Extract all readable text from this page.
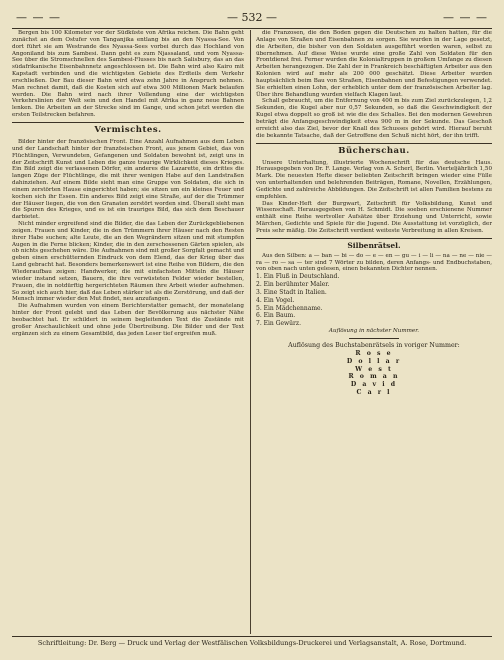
— — —	— 532 —	— — —

Bergen bis 100 Kilometer vor der Südküste von Afrika reichen. Die Bahn geht zunächst an dem Ostufer von Tanganjika entlang bis an den Nyassa-See. Von dort führt sie am Westrande des Nyassa-Sees vorbei durch das Hochland von Angoniland bis zum Sambesi. Dann geht es zum Njassaland, und vom Nyassa-See über die Stromschnellen des Sambesi-Flusses bis nach Salisbury, das an das südafrikanische Eisenbahnnetz angeschlossen ist. Die Bahn wird also Kairo mit Kapstadt verbinden und die wichtigsten Gebiete des Erdteils dem Verkehr erschließen. Der Bau dieser Bahn wird etwa zehn Jahre in Anspruch nehmen. Man rechnet damit, daß die Kosten sich auf etwa 300 Millionen Mark belaufen werden. Die Bahn wird nach ihrer Vollendung eine der wichtigsten Verkehrslinien der Welt sein und den Handel mit Afrika in ganz neue Bahnen lenken. Die Arbeiten an der Strecke sind im Gange, und schon jetzt werden die ersten Teilstrecken befahren.

Vermischtes.

Bilder hinter der französischen Front. Eine Anzahl Aufnahmen aus dem Leben und der Landschaft hinter der französischen Front, aus jenem Gebiet, das von Flüchtlingen, Verwundeten, Gefangenen und Soldaten bewohnt ist, zeigt uns in der Zeitschrift Kunst und Leben die ganze traurige Wirklichkeit dieses Krieges. Ein Bild zeigt die verlassenen Dörfer, ein anderes die Lazarette, ein drittes die langen Züge der Flüchtlinge, die mit ihrer wenigen Habe auf den Landstraßen dahinziehen. Auf einem Bilde sieht man eine Gruppe von Soldaten, die sich in einem zerstörten Hause eingerichtet haben; sie sitzen um ein kleines Feuer und kochen sich ihr Essen. Ein anderes Bild zeigt eine Straße, auf der die Trümmer der Häuser liegen, die von den Granaten zerstört worden sind. Überall sieht man die Spuren des Krieges, und es ist ein trauriges Bild, das sich dem Beschauer darbietet.

Nicht minder ergreifend sind die Bilder, die das Leben der Zurückgebliebenen zeigen. Frauen und Kinder, die in den Trümmern ihrer Häuser nach den Resten ihrer Habe suchen; alte Leute, die an den Wegrändern sitzen und mit stumpfen Augen in die Ferne blicken; Kinder, die in den zerschossenen Gärten spielen, als ob nichts geschehen wäre. Die Aufnahmen sind mit großer Sorgfalt gemacht und geben einen erschütternden Eindruck von dem Elend, das der Krieg über das Land gebracht hat. Besonders bemerkenswert ist eine Reihe von Bildern, die den Wiederaufbau zeigen: Handwerker, die mit einfachsten Mitteln die Häuser wieder instand setzen, Bauern, die ihre verwüsteten Felder wieder bestellen, Frauen, die in notdürftig hergerichteten Räumen ihre Arbeit wieder aufnehmen. So zeigt sich auch hier, daß das Leben stärker ist als die Zerstörung, und daß der Mensch immer wieder den Mut findet, neu anzufangen.

Die Aufnahmen wurden von einem Berichterstatter gemacht, der monatelang hinter der Front gelebt und das Leben der Bevölkerung aus nächster Nähe beobachtet hat. Er schildert in seinem begleitenden Text die Zustände mit großer Anschaulichkeit und ohne jede Übertreibung. Die Bilder und der Text ergänzen sich zu einem Gesamtbild, das jeden Leser tief ergreifen muß.

die Franzosen, die den Boden gegen die Deutschen zu halten hatten, für die Anlage von Straßen und Eisenbahnen zu sorgen. Sie wurden in der Lage gesetzt, die Arbeiten, die bisher von den Soldaten ausgeführt worden waren, selbst zu übernehmen. Auf diese Weise wurde eine große Zahl von Soldaten für den Frontdienst frei. Ferner wurden die Kolonialtruppen in großem Umfange zu diesen Arbeiten herangezogen. Die Zahl der in Frankreich beschäftigten Arbeiter aus den Kolonien wird auf mehr als 200 000 geschätzt. Diese Arbeiter wurden hauptsächlich beim Bau von Straßen, Eisenbahnen und Befestigungen verwendet. Sie erhielten einen Lohn, der erheblich unter dem der französischen Arbeiter lag. Über ihre Behandlung wurden vielfach Klagen laut.

Schall gebraucht, um die Entfernung von 400 m bis zum Ziel zurückzulegen, 1,2 Sekunden, die Kugel aber nur 0,57 Sekunden, so daß die Geschwindigkeit der Kugel etwa doppelt so groß ist wie die des Schalles. Bei den modernen Gewehren beträgt die Anfangsgeschwindigkeit etwa 900 m in der Sekunde. Das Geschoß erreicht also das Ziel, bevor der Knall des Schusses gehört wird. Hierauf beruht die bekannte Tatsache, daß der Getroffene den Schuß nicht hört, der ihn trifft.

Bücherschau.

Unsere Unterhaltung, illustrierte Wochenschrift für das deutsche Haus. Herausgegeben von Dr. F. Lange. Verlag von A. Scherl, Berlin. Vierteljährlich 1,50 Mark. Die neuesten Hefte dieser beliebten Zeitschrift bringen wieder eine Fülle von unterhaltenden und belehrenden Beiträgen, Romane, Novellen, Erzählungen, Gedichte und zahlreiche Abbildungen. Die Zeitschrift ist allen Familien bestens zu empfehlen.

Das Kinder-Heft der Burgwart, Zeitschrift für Volksbildung, Kunst und Wissenschaft. Herausgegeben von H. Schmidt. Die soeben erschienene Nummer enthält eine Reihe wertvoller Aufsätze über Erziehung und Unterricht, sowie Märchen, Gedichte und Spiele für die Jugend. Die Ausstattung ist vorzüglich, der Preis sehr mäßig. Die Zeitschrift verdient weiteste Verbreitung in allen Kreisen.

Silbenrätsel.

Aus den Silben: a — ban — bi — do — e — en — gu — i — li — na — ne — nie — ra — ro — sa — ter sind 7 Wörter zu bilden, deren Anfangs- und Endbuchstaben, von oben nach unten gelesen, einen bekannten Dichter nennen.

1. Ein Fluß in Deutschland.
2. Ein berühmter Maler.
3. Eine Stadt in Italien.
4. Ein Vogel.
5. Ein Mädchenname.
6. Ein Baum.
7. Ein Gewürz.
Auflösung in nächster Nummer.
Auflösung des Buchstabenrätsels in voriger Nummer:
R o s e
D o l l a r
W e s t
R o m a n
D a v i d
C a r l
Schriftleitung: Dr. Berg — Druck und Verlag der Westfälischen Volksbildungs-Druckerei und Verlagsanstalt, A. Rose, Dortmund.
